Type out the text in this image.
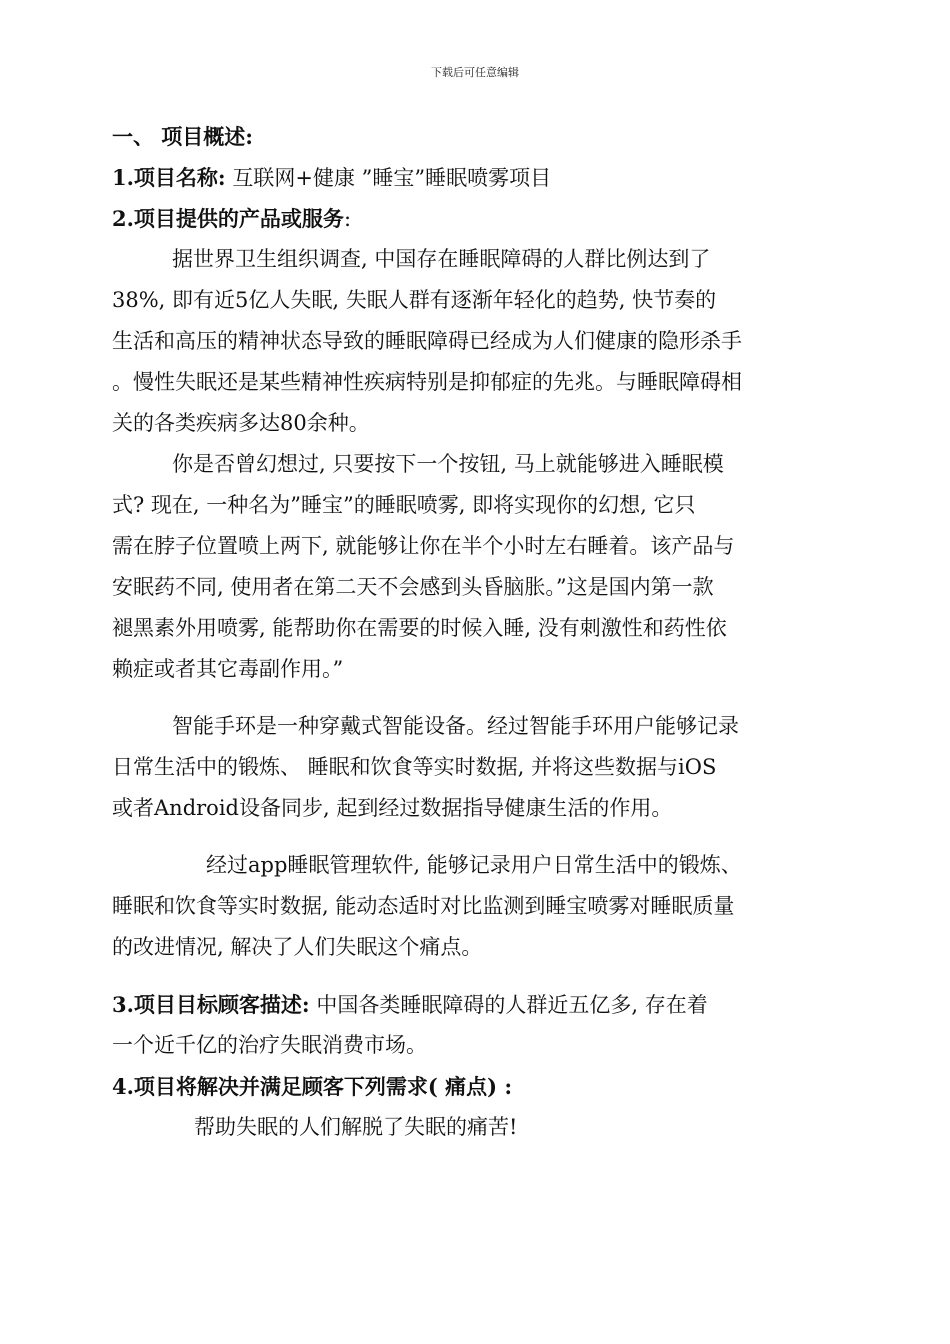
下载后可任意编辑
一、 项目概述:
1.项目名称: 互联网+健康 ”睡宝”睡眠喷雾项目
2.项目提供的产品或服务:
据世界卫生组织调查, 中国存在睡眠障碍的人群比例达到了
38%, 即有近5亿人失眠, 失眠人群有逐渐年轻化的趋势, 快节奏的
生活和高压的精神状态导致的睡眠障碍已经成为人们健康的隐形杀手
。慢性失眠还是某些精神性疾病特别是抑郁症的先兆。与睡眠障碍相
关的各类疾病多达80余种。
你是否曾幻想过, 只要按下一个按钮, 马上就能够进入睡眠模
式? 现在, 一种名为”睡宝”的睡眠喷雾, 即将实现你的幻想, 它只
需在脖子位置喷上两下, 就能够让你在半个小时左右睡着。该产品与
安眠药不同, 使用者在第二天不会感到头昏脑胀。”这是国内第一款
褪黑素外用喷雾, 能帮助你在需要的时候入睡, 没有刺激性和药性依
赖症或者其它毒副作用。”
智能手环是一种穿戴式智能设备。经过智能手环用户能够记录
日常生活中的锻炼、 睡眠和饮食等实时数据, 并将这些数据与iOS
或者Android设备同步, 起到经过数据指导健康生活的作用。
经过app睡眠管理软件, 能够记录用户日常生活中的锻炼、
睡眠和饮食等实时数据, 能动态适时对比监测到睡宝喷雾对睡眠质量
的改进情况, 解决了人们失眠这个痛点。
3.项目目标顾客描述: 中国各类睡眠障碍的人群近五亿多, 存在着
一个近千亿的治疗失眠消费市场。
4.项目将解决并满足顾客下列需求( 痛点) :
帮助失眠的人们解脱了失眠的痛苦!
